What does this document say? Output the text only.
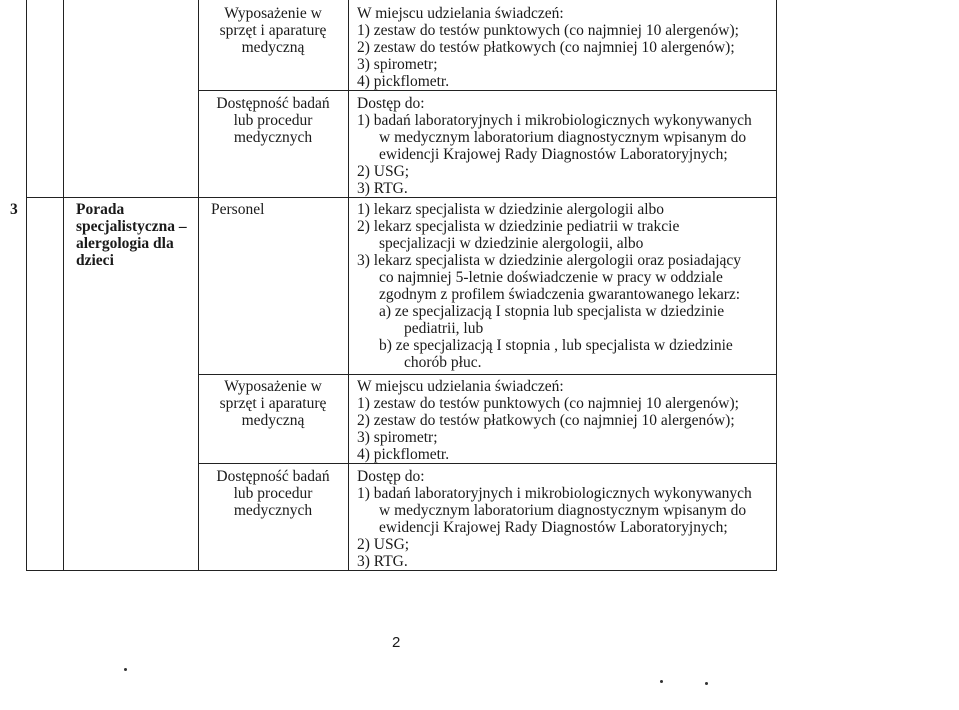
3	Porada
specjalistyczna –
alergologia dla
dzieci
Wyposażenie w
sprzęt i aparaturę
medyczną
W miejscu udzielania świadczeń:
1) zestaw do testów punktowych (co najmniej 10 alergenów);
2) zestaw do testów płatkowych (co najmniej 10 alergenów);
3) spirometr;
4) pickflometr.
Dostępność badań
lub procedur
medycznych
Dostęp do:
1) badań laboratoryjnych i mikrobiologicznych wykonywanych
w medycznym laboratorium diagnostycznym wpisanym do
ewidencji Krajowej Rady Diagnostów Laboratoryjnych;
2) USG;
3) RTG.
Personel	1) lekarz specjalista w dziedzinie alergologii albo
2) lekarz specjalista w dziedzinie pediatrii w trakcie
specjalizacji w dziedzinie alergologii, albo
3) lekarz specjalista w dziedzinie alergologii oraz posiadający
co najmniej 5-letnie doświadczenie w pracy w oddziale
zgodnym z profilem świadczenia gwarantowanego lekarz:
a) ze specjalizacją I stopnia lub specjalista w dziedzinie
pediatrii, lub
b) ze specjalizacją I stopnia , lub specjalista w dziedzinie
chorób płuc.
Wyposażenie w
sprzęt i aparaturę
medyczną
W miejscu udzielania świadczeń:
1) zestaw do testów punktowych (co najmniej 10 alergenów);
2) zestaw do testów płatkowych (co najmniej 10 alergenów);
3) spirometr;
4) pickflometr.
Dostępność badań
lub procedur
medycznych
Dostęp do:
1) badań laboratoryjnych i mikrobiologicznych wykonywanych
w medycznym laboratorium diagnostycznym wpisanym do
ewidencji Krajowej Rady Diagnostów Laboratoryjnych;
2) USG;
3) RTG.
2
